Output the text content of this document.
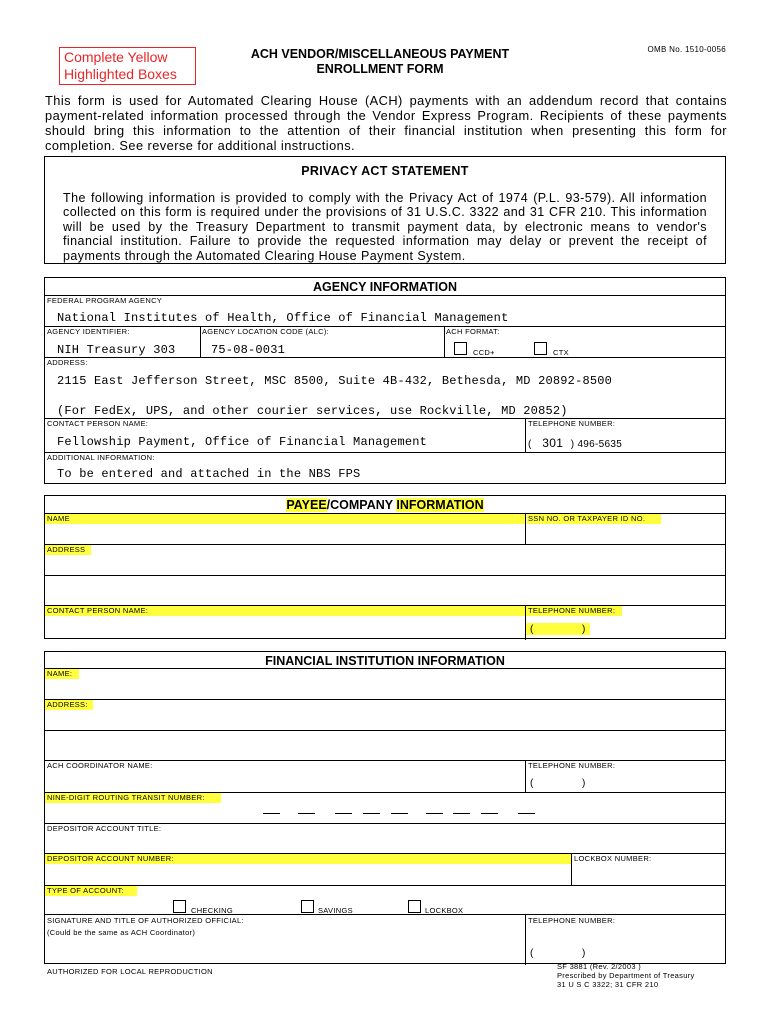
Complete Yellow Highlighted Boxes
ACH VENDOR/MISCELLANEOUS PAYMENT
ENROLLMENT FORM
OMB No. 1510-0056
This form is used for Automated Clearing House (ACH) payments with an addendum record that contains payment-related information processed through the Vendor Express Program. Recipients of these payments should bring this information to the attention of their financial institution when presenting this form for completion. See reverse for additional instructions.
PRIVACY ACT STATEMENT
The following information is provided to comply with the Privacy Act of 1974 (P.L. 93-579). All information collected on this form is required under the provisions of 31 U.S.C. 3322 and 31 CFR 210. This information will be used by the Treasury Department to transmit payment data, by electronic means to vendor's financial institution. Failure to provide the requested information may delay or prevent the receipt of payments through the Automated Clearing House Payment System.
AGENCY INFORMATION
FEDERAL PROGRAM AGENCY
National Institutes of Health, Office of Financial Management
AGENCY IDENTIFIER:	AGENCY LOCATION CODE (ALC):	ACH FORMAT:
NIH Treasury 303	75-08-0031	CCD+	CTX
ADDRESS:
2115 East Jefferson Street, MSC 8500, Suite 4B-432, Bethesda, MD 20892-8500
(For FedEx, UPS, and other courier services, use Rockville, MD 20852)
CONTACT PERSON NAME:	TELEPHONE NUMBER:
Fellowship Payment, Office of Financial Management	( 301 ) 496-5635
ADDITIONAL INFORMATION:
To be entered and attached in the NBS FPS
PAYEE/COMPANY INFORMATION
NAME	SSN NO. OR TAXPAYER ID NO.
ADDRESS
CONTACT PERSON NAME:	TELEPHONE NUMBER:
(	)
FINANCIAL INSTITUTION INFORMATION
NAME:
ADDRESS:
ACH COORDINATOR NAME:	TELEPHONE NUMBER:
(	)
NINE-DIGIT ROUTING TRANSIT NUMBER:
DEPOSITOR ACCOUNT TITLE:
DEPOSITOR ACCOUNT NUMBER:	LOCKBOX NUMBER:
TYPE OF ACCOUNT:
CHECKING	SAVINGS	LOCKBOX
SIGNATURE AND TITLE OF AUTHORIZED OFFICIAL:
(Could be the same as ACH Coordinator)
TELEPHONE NUMBER:
(	)
AUTHORIZED FOR LOCAL REPRODUCTION
SF 3881 (Rev. 2/2003 )
Prescribed by Department of Treasury
31 U S C 3322; 31 CFR 210
